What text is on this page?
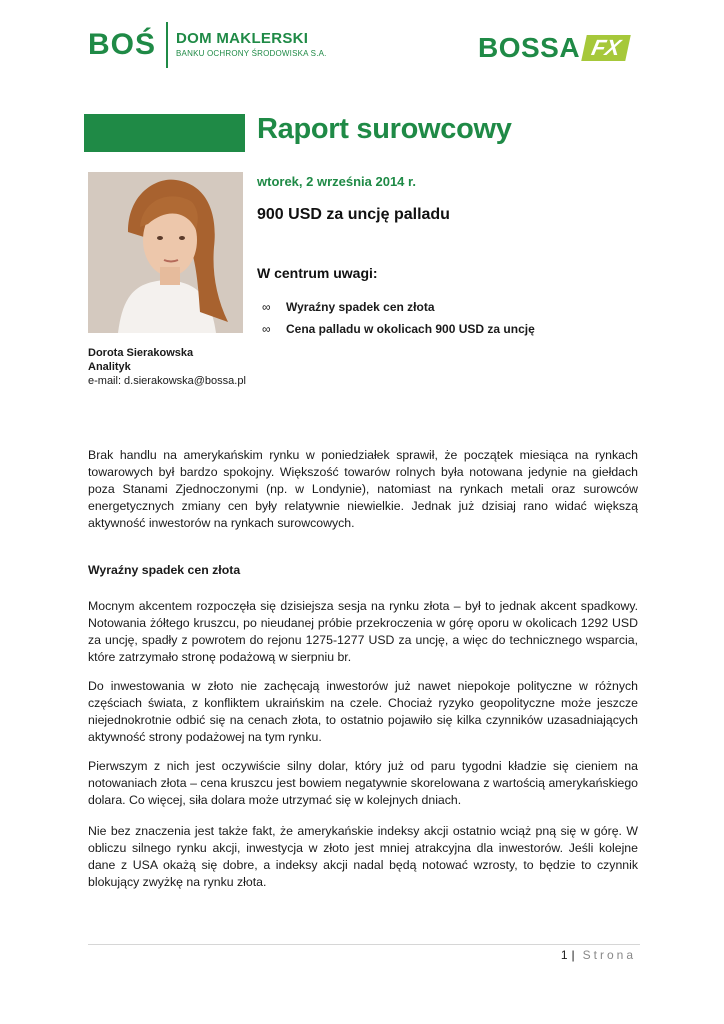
BOŚ DOM MAKLERSKI
BANKU OCHRONY ŚRODOWISKA S.A.	BOSSA FX
Raport surowcowy
wtorek, 2 września 2014 r.
900 USD za uncję palladu
W centrum uwagi:
∞	Wyraźny spadek cen złota
∞	Cena palladu w okolicach 900 USD za uncję
Dorota Sierakowska
Analityk
e-mail: d.sierakowska@bossa.pl

Brak handlu na amerykańskim rynku w poniedziałek sprawił, że początek miesiąca na rynkach towarowych był bardzo spokojny. Większość towarów rolnych była notowana jedynie na giełdach poza Stanami Zjednoczonymi (np. w Londynie), natomiast na rynkach metali oraz surowców energetycznych zmiany cen były relatywnie niewielkie. Jednak już dzisiaj rano widać większą aktywność inwestorów na rynkach surowcowych.

Wyraźny spadek cen złota

Mocnym akcentem rozpoczęła się dzisiejsza sesja na rynku złota – był to jednak akcent spadkowy. Notowania żółtego kruszcu, po nieudanej próbie przekroczenia w górę oporu w okolicach 1292 USD za uncję, spadły z powrotem do rejonu 1275-1277 USD za uncję, a więc do technicznego wsparcia, które zatrzymało stronę podażową w sierpniu br.

Do inwestowania w złoto nie zachęcają inwestorów już nawet niepokoje polityczne w różnych częściach świata, z konfliktem ukraińskim na czele. Chociaż ryzyko geopolityczne może jeszcze niejednokrotnie odbić się na cenach złota, to ostatnio pojawiło się kilka czynników uzasadniających aktywność strony podażowej na tym rynku.

Pierwszym z nich jest oczywiście silny dolar, który już od paru tygodni kładzie się cieniem na notowaniach złota – cena kruszcu jest bowiem negatywnie skorelowana z wartością amerykańskiego dolara. Co więcej, siła dolara może utrzymać się w kolejnych dniach.

Nie bez znaczenia jest także fakt, że amerykańskie indeksy akcji ostatnio wciąż pną się w górę. W obliczu silnego rynku akcji, inwestycja w złoto jest mniej atrakcyjna dla inwestorów. Jeśli kolejne dane z USA okażą się dobre, a indeksy akcji nadal będą notować wzrosty, to będzie to czynnik blokujący zwyżkę na rynku złota.

1 | Strona
